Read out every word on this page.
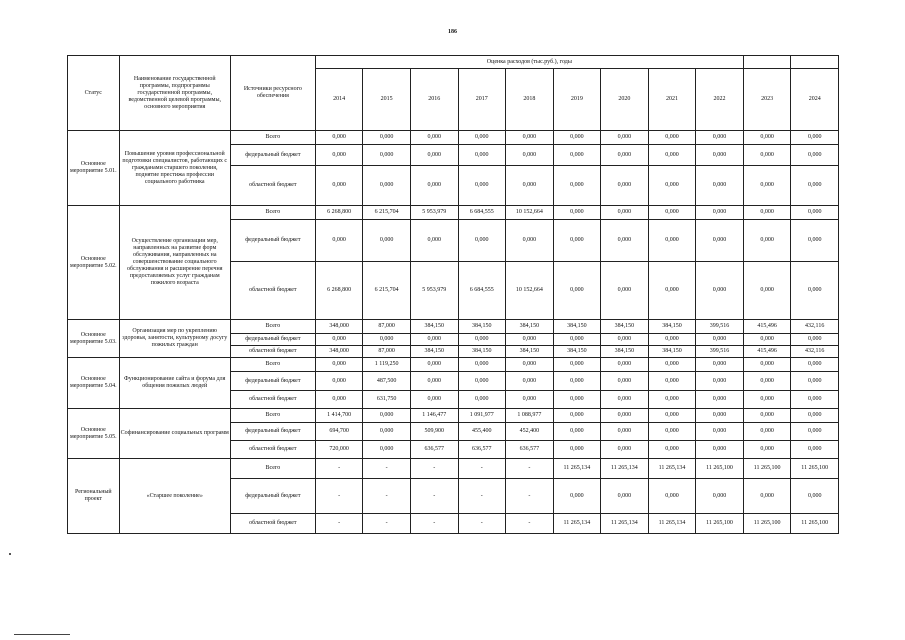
186
Статус	Наименование государственной программы, подпрограммы государственной программы, ведомственной целевой программы, основного мероприятия	Источники ресурсного обеспечения	Оценка расходов (тыс.руб.), годы										
			2014	2015	2016	2017	2018	2019	2020	2021	2022	2023	2024
Основное мероприятие 5.01.	Повышение уровня профессиональной подготовки специалистов, работающих с гражданами старшего поколения, поднятие престижа профессии социального работника	Всего	0,000	0,000	0,000	0,000	0,000	0,000	0,000	0,000	0,000	0,000	0,000
		федеральный бюджет	0,000	0,000	0,000	0,000	0,000	0,000	0,000	0,000	0,000	0,000	0,000
		областной бюджет	0,000	0,000	0,000	0,000	0,000	0,000	0,000	0,000	0,000	0,000	0,000
Основное мероприятие 5.02.	Осуществление организации мер, направленных на развитие форм обслуживания, направленных на совершенствование социального обслуживания и расширение перечня предоставляемых услуг гражданам пожилого возраста	Всего	6 268,800	6 215,704	5 953,979	6 684,555	10 152,664	0,000	0,000	0,000	0,000	0,000	0,000
		федеральный бюджет	0,000	0,000	0,000	0,000	0,000	0,000	0,000	0,000	0,000	0,000	0,000
		областной бюджет	6 268,800	6 215,704	5 953,979	6 684,555	10 152,664	0,000	0,000	0,000	0,000	0,000	0,000
Основное мероприятие 5.03.	Организация мер по укреплению здоровья, занятости, культурному досугу пожилых граждан	Всего	348,000	87,000	384,150	384,150	384,150	384,150	384,150	384,150	399,516	415,496	432,116
		федеральный бюджет	0,000	0,000	0,000	0,000	0,000	0,000	0,000	0,000	0,000	0,000	0,000
		областной бюджет	348,000	87,000	384,150	384,150	384,150	384,150	384,150	384,150	399,516	415,496	432,116
Основное мероприятие 5.04.	Функционирование сайта и форума для общения пожилых людей	Всего	0,000	1 119,250	0,000	0,000	0,000	0,000	0,000	0,000	0,000	0,000	0,000
		федеральный бюджет	0,000	487,500	0,000	0,000	0,000	0,000	0,000	0,000	0,000	0,000	0,000
		областной бюджет	0,000	631,750	0,000	0,000	0,000	0,000	0,000	0,000	0,000	0,000	0,000
Основное мероприятие 5.05.	Софинансирование социальных программ	Всего	1 414,700	0,000	1 146,477	1 091,977	1 088,977	0,000	0,000	0,000	0,000	0,000	0,000
		федеральный бюджет	694,700	0,000	509,900	455,400	452,400	0,000	0,000	0,000	0,000	0,000	0,000
		областной бюджет	720,000	0,000	636,577	636,577	636,577	0,000	0,000	0,000	0,000	0,000	0,000
Региональный проект	«Старшее поколение»	Всего	-	-	-	-	-	11 265,134	11 265,134	11 265,134	11 265,100	11 265,100	11 265,100
		федеральный бюджет	-	-	-	-	-	0,000	0,000	0,000	0,000	0,000	0,000
		областной бюджет	-	-	-	-	-	11 265,134	11 265,134	11 265,134	11 265,100	11 265,100	11 265,100
